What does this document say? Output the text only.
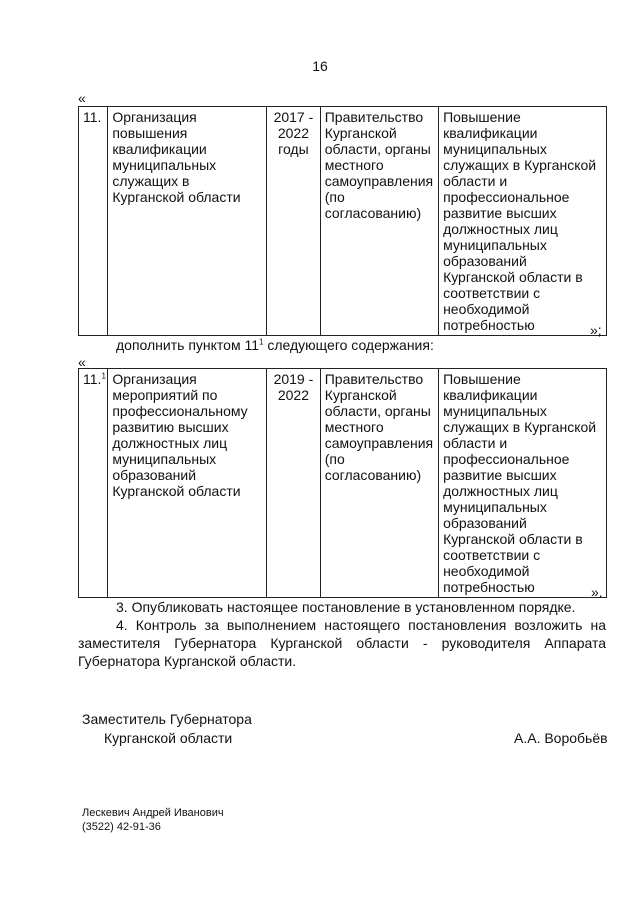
16
«
11.	Организация повышения квалификации муниципальных служащих в Курганской области	2017 - 2022 годы	Правительство Курганской области, органы местного самоуправления (по согласованию)	Повышение квалификации муниципальных служащих в Курганской области и профессиональное развитие высших должностных лиц муниципальных образований Курганской области в соответствии с необходимой потребностью	»;
дополнить пунктом $11^1$ следующего содержания:
«
11.$^1$	Организация мероприятий по профессиональному развитию высших должностных лиц муниципальных образований Курганской области	2019 - 2022	Правительство Курганской области, органы местного самоуправления (по согласованию)	Повышение квалификации муниципальных служащих в Курганской области и профессиональное развитие высших должностных лиц муниципальных образований Курганской области в соответствии с необходимой потребностью	».
3. Опубликовать настоящее постановление в установленном порядке.
4. Контроль за выполнением настоящего постановления возложить на заместителя Губернатора Курганской области - руководителя Аппарата Губернатора Курганской области.
Заместитель Губернатора
Курганской области	А.А. Воробьёв
Лескевич Андрей Иванович
(3522) 42-91-36
